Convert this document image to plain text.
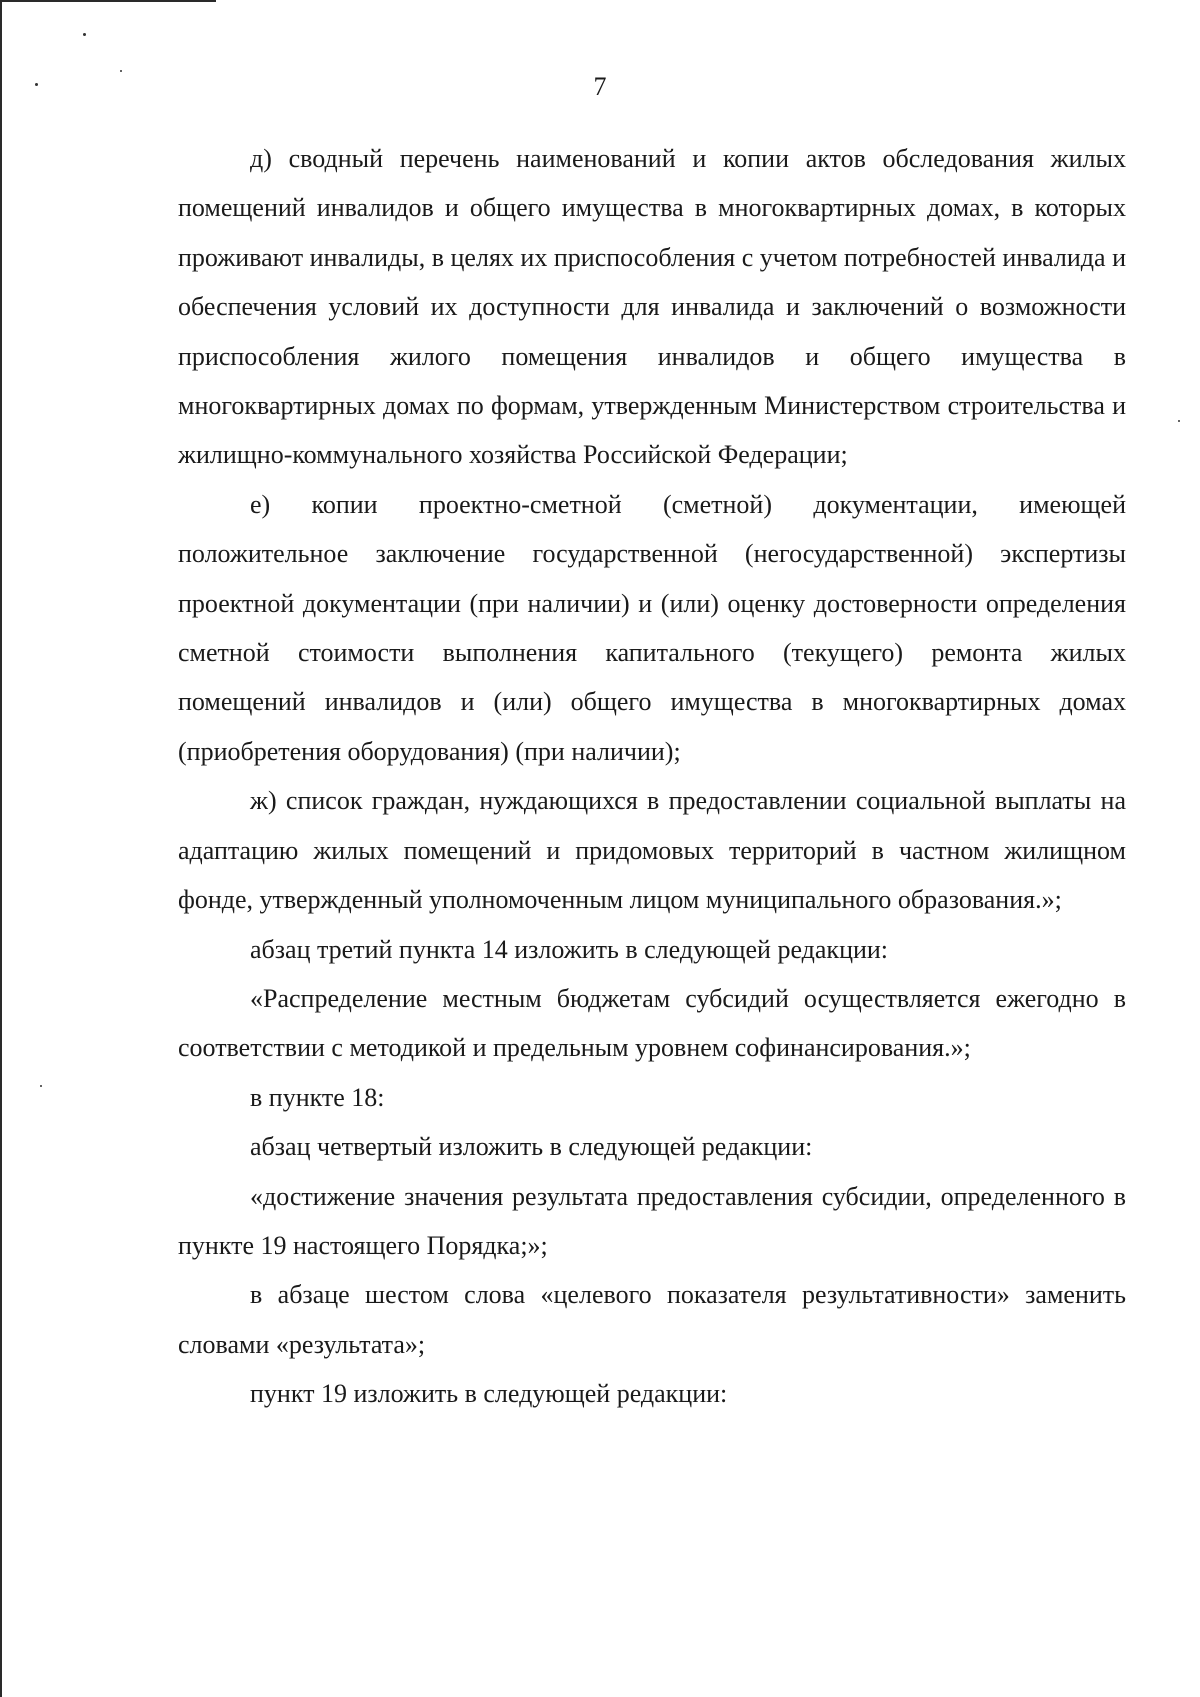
7

д) сводный перечень наименований и копии актов обследования жилых помещений инвалидов и общего имущества в многоквартирных домах, в которых проживают инвалиды, в целях их приспособления с учетом потребностей инвалида и обеспечения условий их доступности для инвалида и заключений о возможности приспособления жилого помещения инвалидов и общего имущества в многоквартирных домах по формам, утвержденным Министерством строительства и жилищно-коммунального хозяйства Российской Федерации;

е) копии проектно-сметной (сметной) документации, имеющей положительное заключение государственной (негосударственной) экспертизы проектной документации (при наличии) и (или) оценку достоверности определения сметной стоимости выполнения капитального (текущего) ремонта жилых помещений инвалидов и (или) общего имущества в многоквартирных домах (приобретения оборудования) (при наличии);

ж) список граждан, нуждающихся в предоставлении социальной выплаты на адаптацию жилых помещений и придомовых территорий в частном жилищном фонде, утвержденный уполномоченным лицом муниципального образования.»;

абзац третий пункта 14 изложить в следующей редакции:

«Распределение местным бюджетам субсидий осуществляется ежегодно в соответствии с методикой и предельным уровнем софинансирования.»;

в пункте 18:

абзац четвертый изложить в следующей редакции:

«достижение значения результата предоставления субсидии, определенного в пункте 19 настоящего Порядка;»;

в абзаце шестом слова «целевого показателя результативности» заменить словами «результата»;

пункт 19 изложить в следующей редакции:
